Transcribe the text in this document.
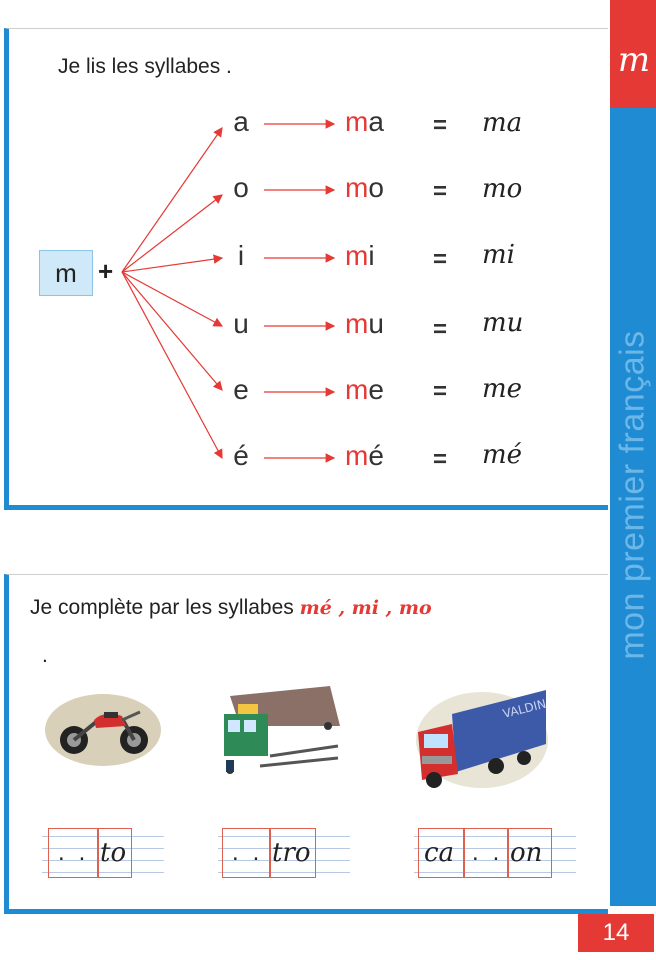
m
mon premier français
14
Je lis les syllabes .
m +
a	ma = ma
o	mo = mo
i	mi = mi
u	mu = mu
e	me = me
é	mé = mé
Je complète par les syllabes mé , mi , mo
.
VALDIN
.. to	..
tro	ca ..
on
